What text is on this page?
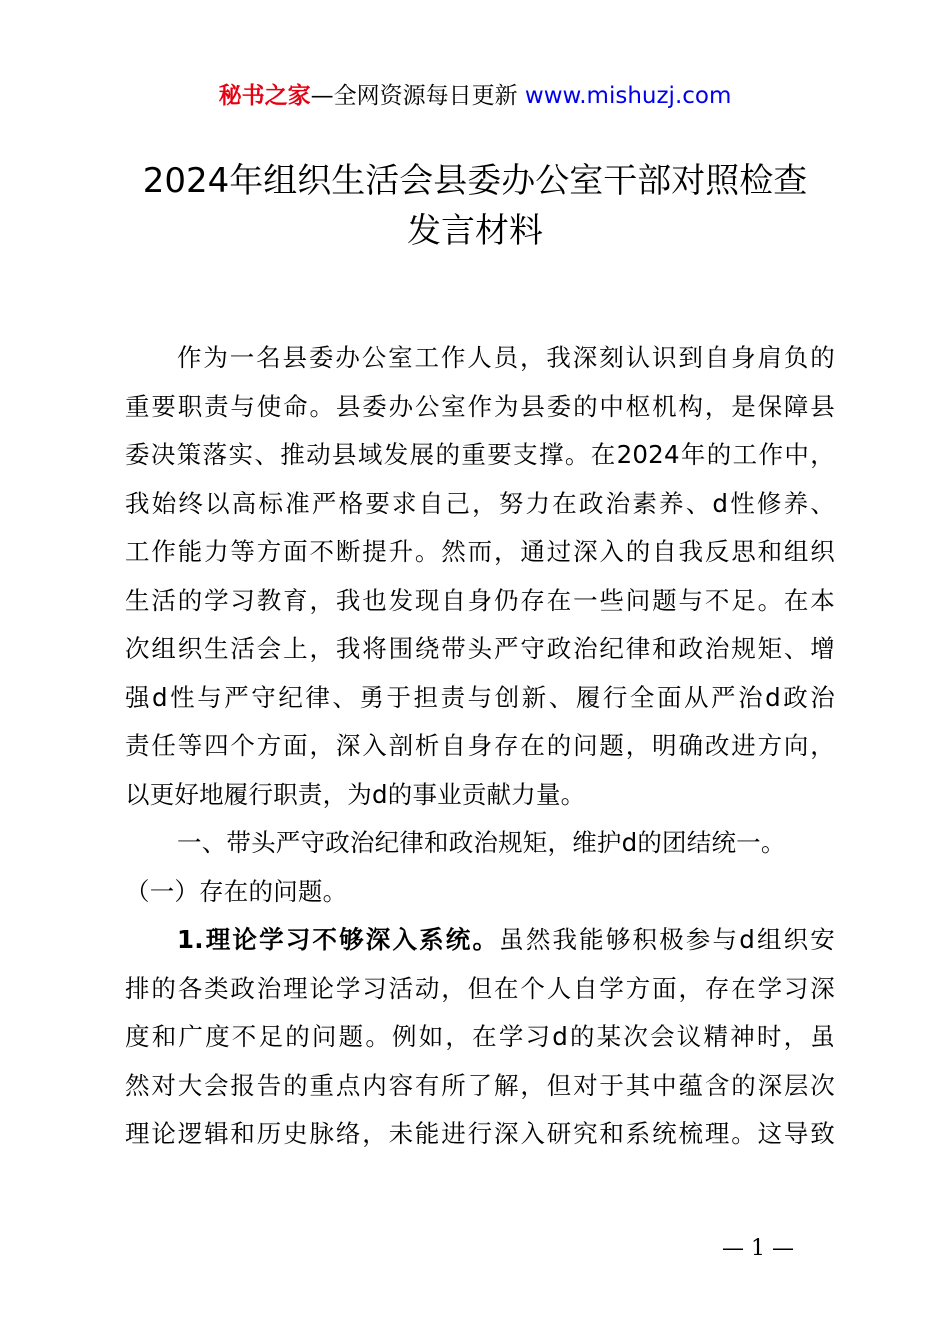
秘书之家—全网资源每日更新 www.mishuzj.com
2024年组织生活会县委办公室干部对照检查
发言材料
作为一名县委办公室工作人员，我深刻认识到自身肩负的
重要职责与使命。县委办公室作为县委的中枢机构，是保障县
委决策落实、推动县域发展的重要支撑。在2024年的工作中，
我始终以高标准严格要求自己，努力在政治素养、d性修养、
工作能力等方面不断提升。然而，通过深入的自我反思和组织
生活的学习教育，我也发现自身仍存在一些问题与不足。在本
次组织生活会上，我将围绕带头严守政治纪律和政治规矩、增
强d性与严守纪律、勇于担责与创新、履行全面从严治d政治
责任等四个方面，深入剖析自身存在的问题，明确改进方向，
以更好地履行职责，为d的事业贡献力量。
一、带头严守政治纪律和政治规矩，维护d的团结统一。
（一）存在的问题。
1.理论学习不够深入系统。虽然我能够积极参与d组织安
排的各类政治理论学习活动，但在个人自学方面，存在学习深
度和广度不足的问题。例如，在学习d的某次会议精神时，虽
然对大会报告的重点内容有所了解，但对于其中蕴含的深层次
理论逻辑和历史脉络，未能进行深入研究和系统梳理。这导致
— 1 —
